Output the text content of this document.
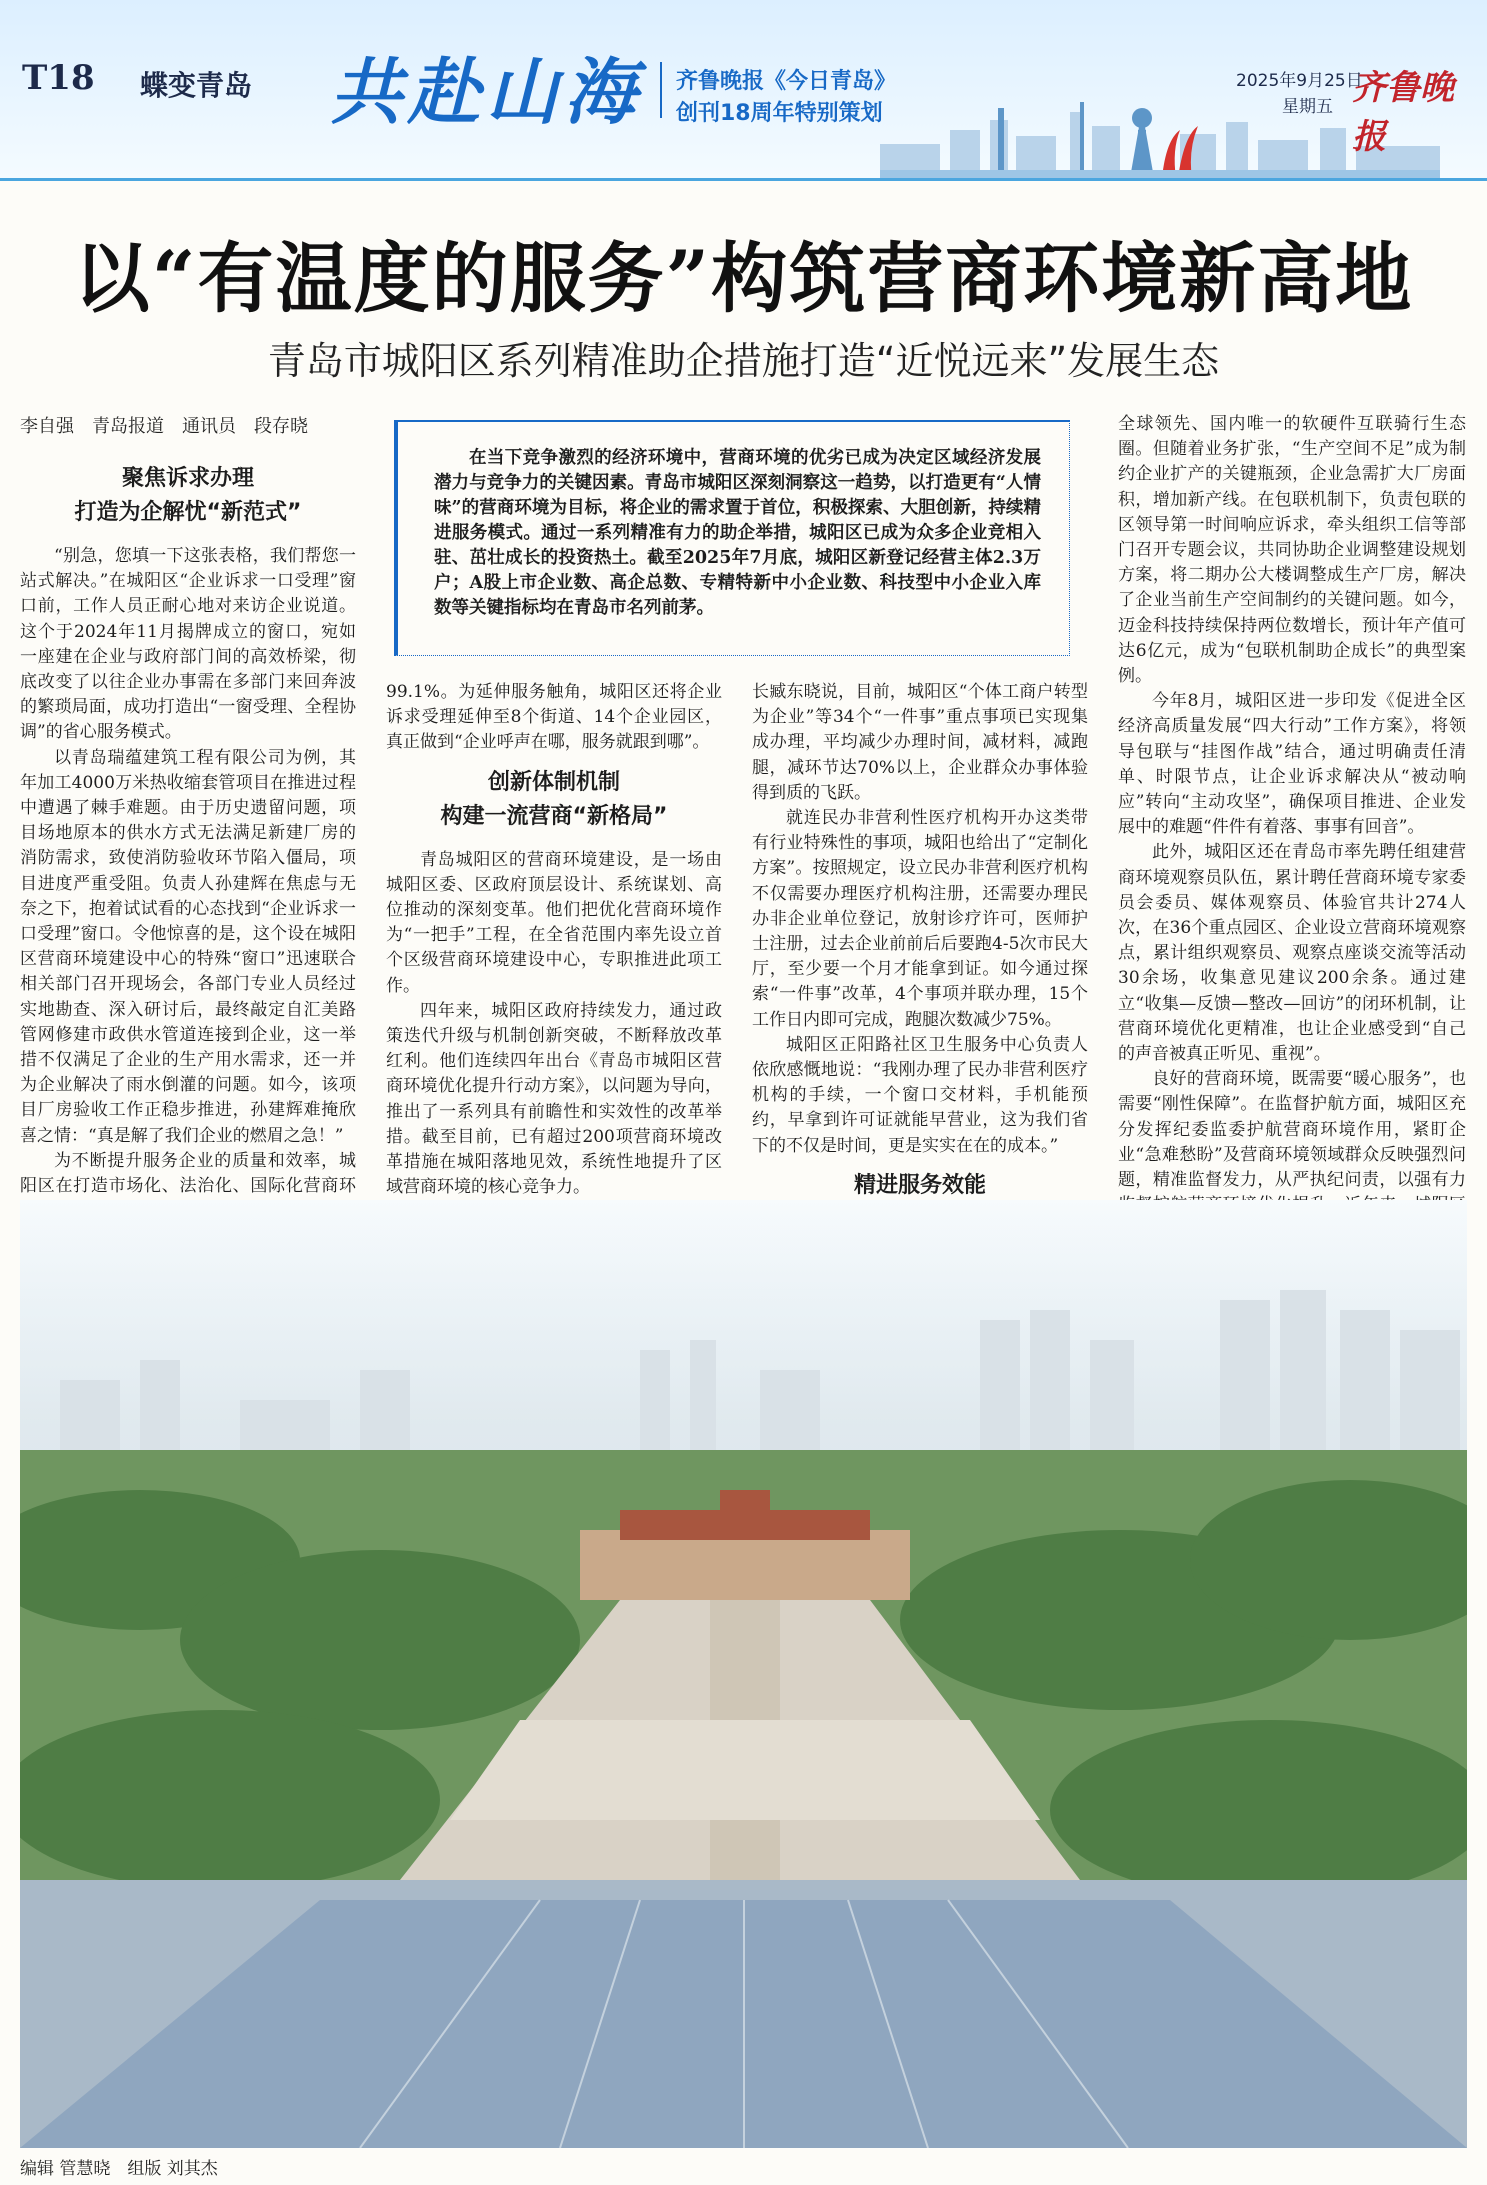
T18 蝶变青岛 共赴山海 齐鲁晚报《今日青岛》
创刊18周年特别策划
2025年9月25日
星期五 齐鲁晚报
以“有温度的服务”构筑营商环境新高地
青岛市城阳区系列精准助企措施打造“近悦远来”发展生态
李自强　青岛报道　通讯员　段存晓
在当下竞争激烈的经济环境中，营商环境的优劣已成为决定区域经济发展潜力与竞争力的关键因素。青岛市城阳区深刻洞察这一趋势，以打造更有“人情味”的营商环境为目标，将企业的需求置于首位，积极探索、大胆创新，持续精进服务模式。通过一系列精准有力的助企举措，城阳区已成为众多企业竞相入驻、茁壮成长的投资热土。截至2025年7月底，城阳区新登记经营主体2.3万户；A股上市企业数、高企总数、专精特新中小企业数、科技型中小企业入库数等关键指标均在青岛市名列前茅。
聚焦诉求办理
打造为企解忧“新范式”

“别急，您填一下这张表格，我们帮您一站式解决。”在城阳区“企业诉求一口受理”窗口前，工作人员正耐心地对来访企业说道。这个于2024年11月揭牌成立的窗口，宛如一座建在企业与政府部门间的高效桥梁，彻底改变了以往企业办事需在多部门来回奔波的繁琐局面，成功打造出“一窗受理、全程协调”的省心服务模式。

以青岛瑞蕴建筑工程有限公司为例，其年加工4000万米热收缩套管项目在推进过程中遭遇了棘手难题。由于历史遗留问题，项目场地原本的供水方式无法满足新建厂房的消防需求，致使消防验收环节陷入僵局，项目进度严重受阻。负责人孙建辉在焦虑与无奈之下，抱着试试看的心态找到“企业诉求一口受理”窗口。令他惊喜的是，这个设在城阳区营商环境建设中心的特殊“窗口”迅速联合相关部门召开现场会，各部门专业人员经过实地勘查、深入研讨后，最终敲定自汇美路管网修建市政供水管道连接到企业，这一举措不仅满足了企业的生产用水需求，还一并为企业解决了雨水倒灌的问题。如今，该项目厂房验收工作正稳步推进，孙建辉难掩欣喜之情：“真是解了我们企业的燃眉之急！”

为不断提升服务企业的质量和效率，城阳区在打造市场化、法治化、国际化营商环

99.1%。为延伸服务触角，城阳区还将企业诉求受理延伸至8个街道、14个企业园区，真正做到“企业呼声在哪，服务就跟到哪”。

创新体制机制
构建一流营商“新格局”

青岛城阳区的营商环境建设，是一场由城阳区委、区政府顶层设计、系统谋划、高位推动的深刻变革。他们把优化营商环境作为“一把手”工程，在全省范围内率先设立首个区级营商环境建设中心，专职推进此项工作。

四年来，城阳区政府持续发力，通过政策迭代升级与机制创新突破，不断释放改革红利。他们连续四年出台《青岛市城阳区营商环境优化提升行动方案》，以问题为导向，推出了一系列具有前瞻性和实效性的改革举措。截至目前，已有超过200项营商环境改革措施在城阳落地见效，系统性地提升了区域营商环境的核心竞争力。

长臧东晓说，目前，城阳区“个体工商户转型为企业”等34个“一件事”重点事项已实现集成办理，平均减少办理时间，减材料，减跑腿，减环节达70%以上，企业群众办事体验得到质的飞跃。

就连民办非营利性医疗机构开办这类带有行业特殊性的事项，城阳也给出了“定制化方案”。按照规定，设立民办非营利医疗机构不仅需要办理医疗机构注册，还需要办理民办非企业单位登记，放射诊疗许可，医师护士注册，过去企业前前后后要跑4-5次市民大厅，至少要一个月才能拿到证。如今通过探索“一件事”改革，4个事项并联办理，15个工作日内即可完成，跑腿次数减少75%。

城阳区正阳路社区卫生服务中心负责人依欣感慨地说：“我刚办理了民办非营利医疗机构的手续，一个窗口交材料，手机能预约，早拿到许可证就能早营业，这为我们省下的不仅是时间，更是实实在在的成本。”

精进服务效能

全球领先、国内唯一的软硬件互联骑行生态圈。但随着业务扩张，“生产空间不足”成为制约企业扩产的关键瓶颈，企业急需扩大厂房面积，增加新产线。在包联机制下，负责包联的区领导第一时间响应诉求，牵头组织工信等部门召开专题会议，共同协助企业调整建设规划方案，将二期办公大楼调整成生产厂房，解决了企业当前生产空间制约的关键问题。如今，迈金科技持续保持两位数增长，预计年产值可达6亿元，成为“包联机制助企成长”的典型案例。

今年8月，城阳区进一步印发《促进全区经济高质量发展“四大行动”工作方案》，将领导包联与“挂图作战”结合，通过明确责任清单、时限节点，让企业诉求解决从“被动响应”转向“主动攻坚”，确保项目推进、企业发展中的难题“件件有着落、事事有回音”。

此外，城阳区还在青岛市率先聘任组建营商环境观察员队伍，累计聘任营商环境专家委员会委员、媒体观察员、体验官共计274人次，在36个重点园区、企业设立营商环境观察点，累计组织观察员、观察点座谈交流等活动30余场，收集意见建议200余条。通过建立“收集—反馈—整改—回访”的闭环机制，让营商环境优化更精准，也让企业感受到“自己的声音被真正听见、重视”。

良好的营商环境，既需要“暖心服务”，也需要“刚性保障”。在监督护航方面，城阳区充分发挥纪委监委护航营商环境作用，紧盯企业“急难愁盼”及营商环境领域群众反映强烈问题，精准监督发力，从严执纪问责，以强有力

编辑 管慧晓　组版 刘其杰
